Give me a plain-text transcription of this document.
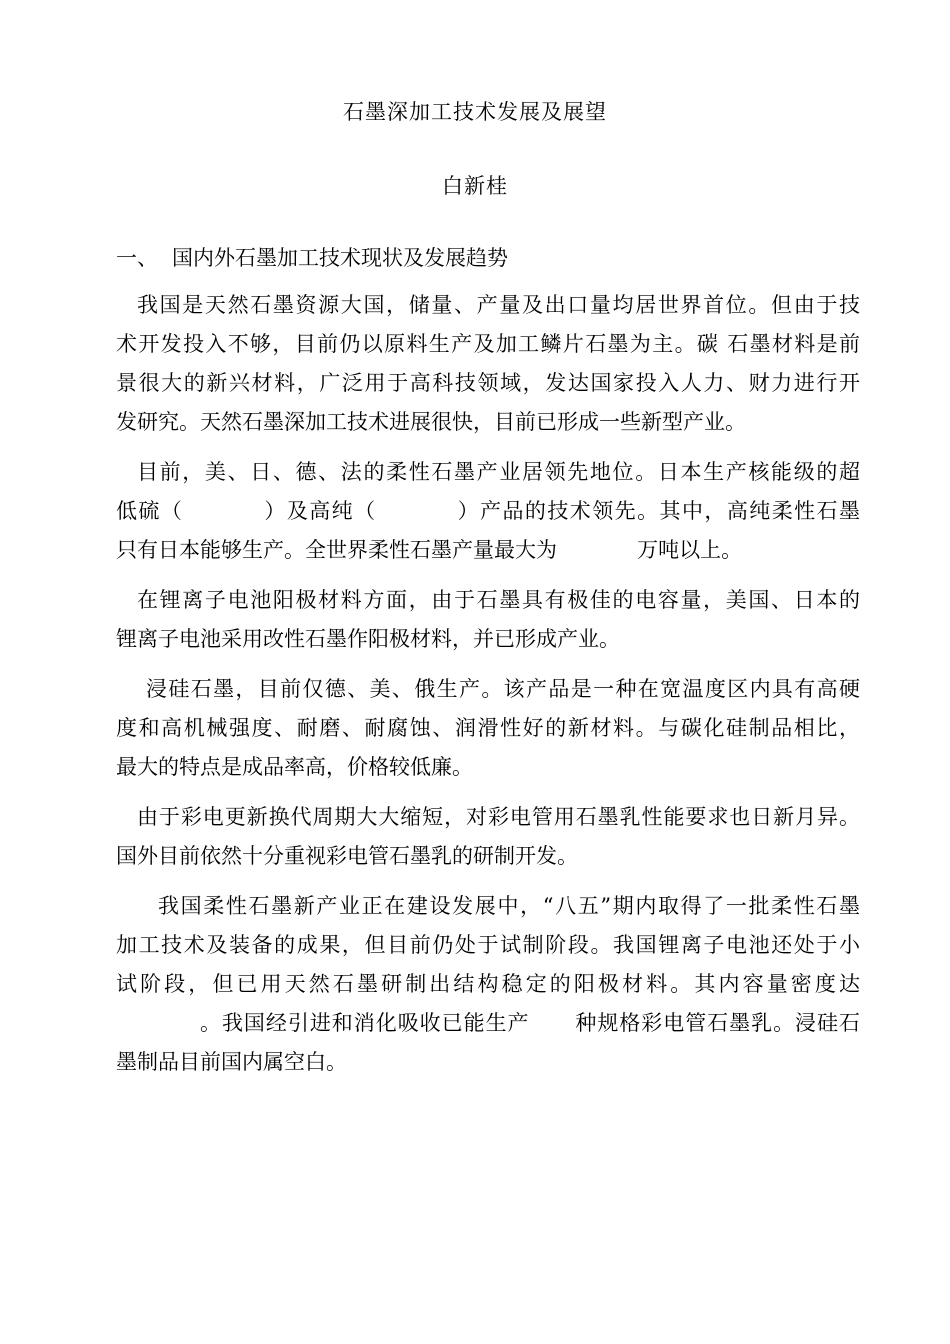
石墨深加工技术发展及展望
白新桂
一、 国内外石墨加工技术现状及发展趋势
我国是天然石墨资源大国，储量、产量及出口量均居世界首位。但由于技
术开发投入不够，目前仍以原料生产及加工鳞片石墨为主。碳 石墨材料是前
景很大的新兴材料，广泛用于高科技领域，发达国家投入人力、财力进行开
发研究。天然石墨深加工技术进展很快，目前已形成一些新型产业。
目前，美、日、德、法的柔性石墨产业居领先地位。日本生产核能级的超
低硫（          ）及高纯（          ）产品的技术领先。其中，高纯柔性石墨
只有日本能够生产。全世界柔性石墨产量最大为            万吨以上。
在锂离子电池阳极材料方面，由于石墨具有极佳的电容量，美国、日本的
锂离子电池采用改性石墨作阳极材料，并已形成产业。
浸硅石墨，目前仅德、美、俄生产。该产品是一种在宽温度区内具有高硬
度和高机械强度、耐磨、耐腐蚀、润滑性好的新材料。与碳化硅制品相比，
最大的特点是成品率高，价格较低廉。
由于彩电更新换代周期大大缩短，对彩电管用石墨乳性能要求也日新月异。
国外目前依然十分重视彩电管石墨乳的研制开发。
我国柔性石墨新产业正在建设发展中，“八五”期内取得了一批柔性石墨
加工技术及装备的成果，但目前仍处于试制阶段。我国锂离子电池还处于小
试阶段，但已用天然石墨研制出结构稳定的阳极材料。其内容量密度达
。我国经引进和消化吸收已能生产      种规格彩电管石墨乳。浸硅石
墨制品目前国内属空白。
